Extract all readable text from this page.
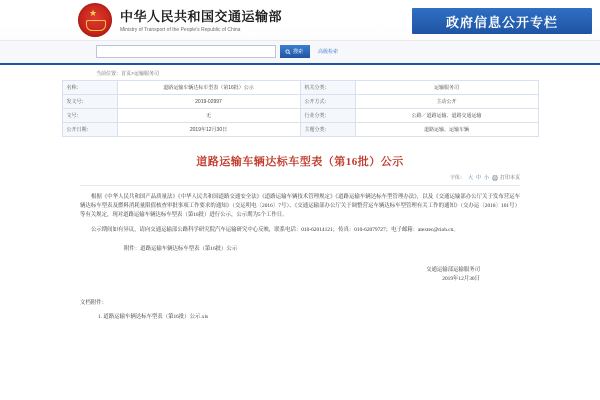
★ 中华人民共和国交通运输部
Ministry of Transport of the People's Republic of China
政府信息公开专栏
搜索	高级检索
当前位置：首页>运输服务司
名称：	道路运输车辆达标车型表（第16批）公示	机关分类：	运输服务司
发文号：	2019-02997	公开方式：	主动公开
文号：	无	行业分类：	公路／道路运输、道路交通运输
公开日期：	2019年12月30日	主题分类：	道路运输、运输车辆
道路运输车辆达标车型表（第16批）公示
字体： 大 中 小 打印本页
根据《中华人民共和国产品质量法》《中华人民共和国道路交通安全法》《道路运输车辆技术管理规定》《道路运输车辆达标车型管理办法》，以及《交通运输部办公厅关于发布营运车辆达标车型表及燃料消耗量限值核查审批事项工作要求的通知》（交运明电〔2016〕7号）、《交通运输部办公厅关于调整营运车辆达标车型管理有关工作的通知》（交办运〔2018〕101号）等有关规定，现对道路运输车辆达标车型表（第16批）进行公示，公示期为5个工作日。
公示期间如有异议，请向交通运输部公路科学研究院汽车运输研究中心反映，联系电话：010-62014121；传真：010-62079727；电子邮箱：atextec@rioh.cn。
附件：道路运输车辆达标车型表（第16批）公示
交通运输部运输服务司
2019年12月30日
文档附件：
1. 道路运输车辆达标车型表（第16批）公示.xls
